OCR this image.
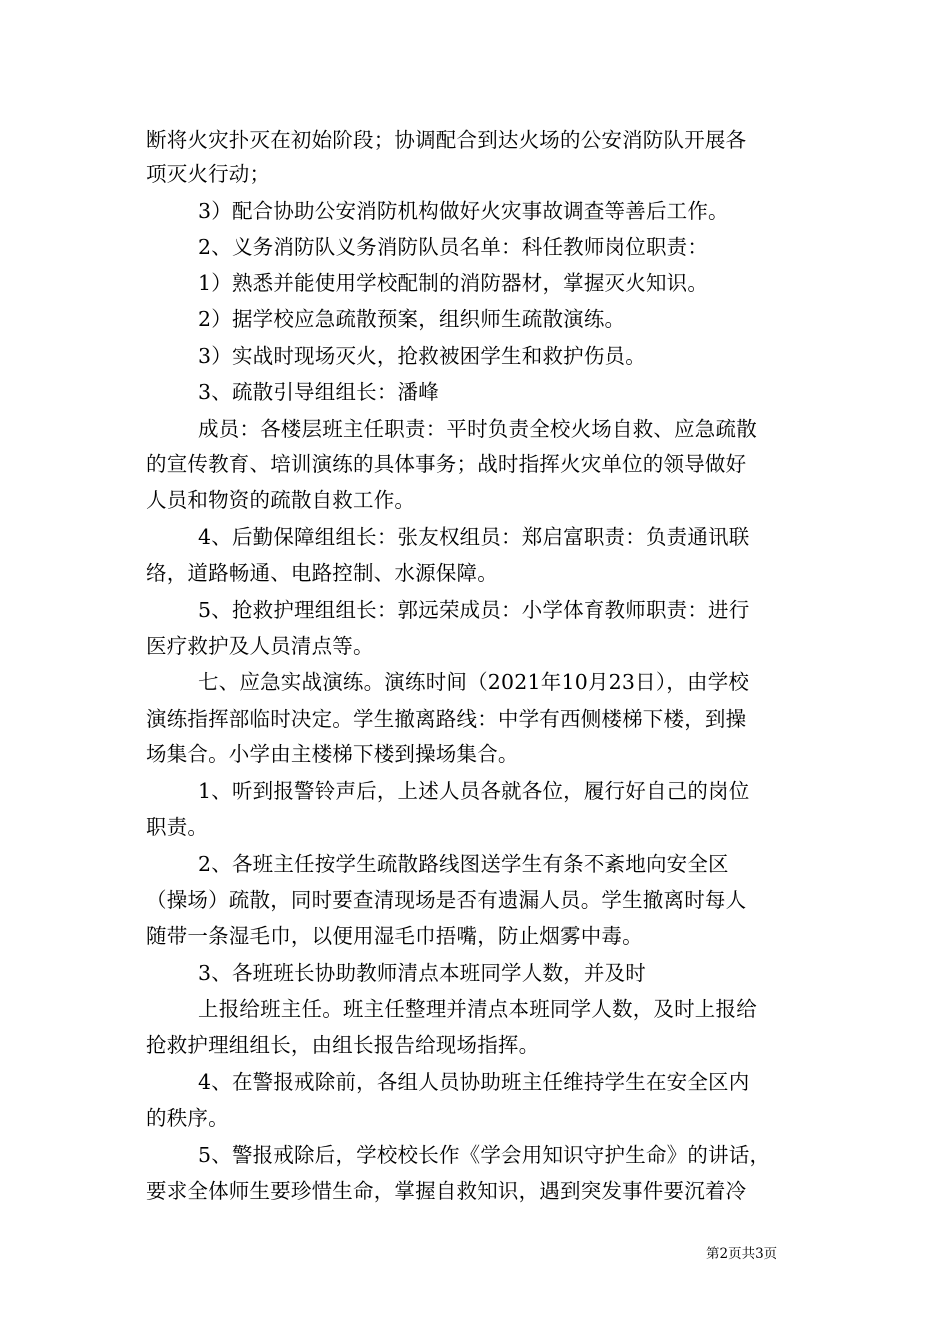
断将火灾扑灭在初始阶段；协调配合到达火场的公安消防队开展各
项灭火行动；
3）配合协助公安消防机构做好火灾事故调查等善后工作。
2、义务消防队义务消防队员名单：科任教师岗位职责：
1）熟悉并能使用学校配制的消防器材，掌握灭火知识。
2）据学校应急疏散预案，组织师生疏散演练。
3）实战时现场灭火，抢救被困学生和救护伤员。
3、疏散引导组组长：潘峰
成员：各楼层班主任职责：平时负责全校火场自救、应急疏散
的宣传教育、培训演练的具体事务；战时指挥火灾单位的领导做好
人员和物资的疏散自救工作。
4、后勤保障组组长：张友权组员：郑启富职责：负责通讯联
络，道路畅通、电路控制、水源保障。
5、抢救护理组组长：郭远荣成员：小学体育教师职责：进行
医疗救护及人员清点等。
七、应急实战演练。演练时间（2021年10月23日），由学校
演练指挥部临时决定。学生撤离路线：中学有西侧楼梯下楼，到操
场集合。小学由主楼梯下楼到操场集合。
1、听到报警铃声后，上述人员各就各位，履行好自己的岗位
职责。
2、各班主任按学生疏散路线图送学生有条不紊地向安全区
（操场）疏散，同时要查清现场是否有遗漏人员。学生撤离时每人
随带一条湿毛巾，以便用湿毛巾捂嘴，防止烟雾中毒。
3、各班班长协助教师清点本班同学人数，并及时
上报给班主任。班主任整理并清点本班同学人数，及时上报给
抢救护理组组长，由组长报告给现场指挥。
4、在警报戒除前，各组人员协助班主任维持学生在安全区内
的秩序。
5、警报戒除后，学校校长作《学会用知识守护生命》的讲话，
要求全体师生要珍惜生命，掌握自救知识，遇到突发事件要沉着冷
第2页共3页
